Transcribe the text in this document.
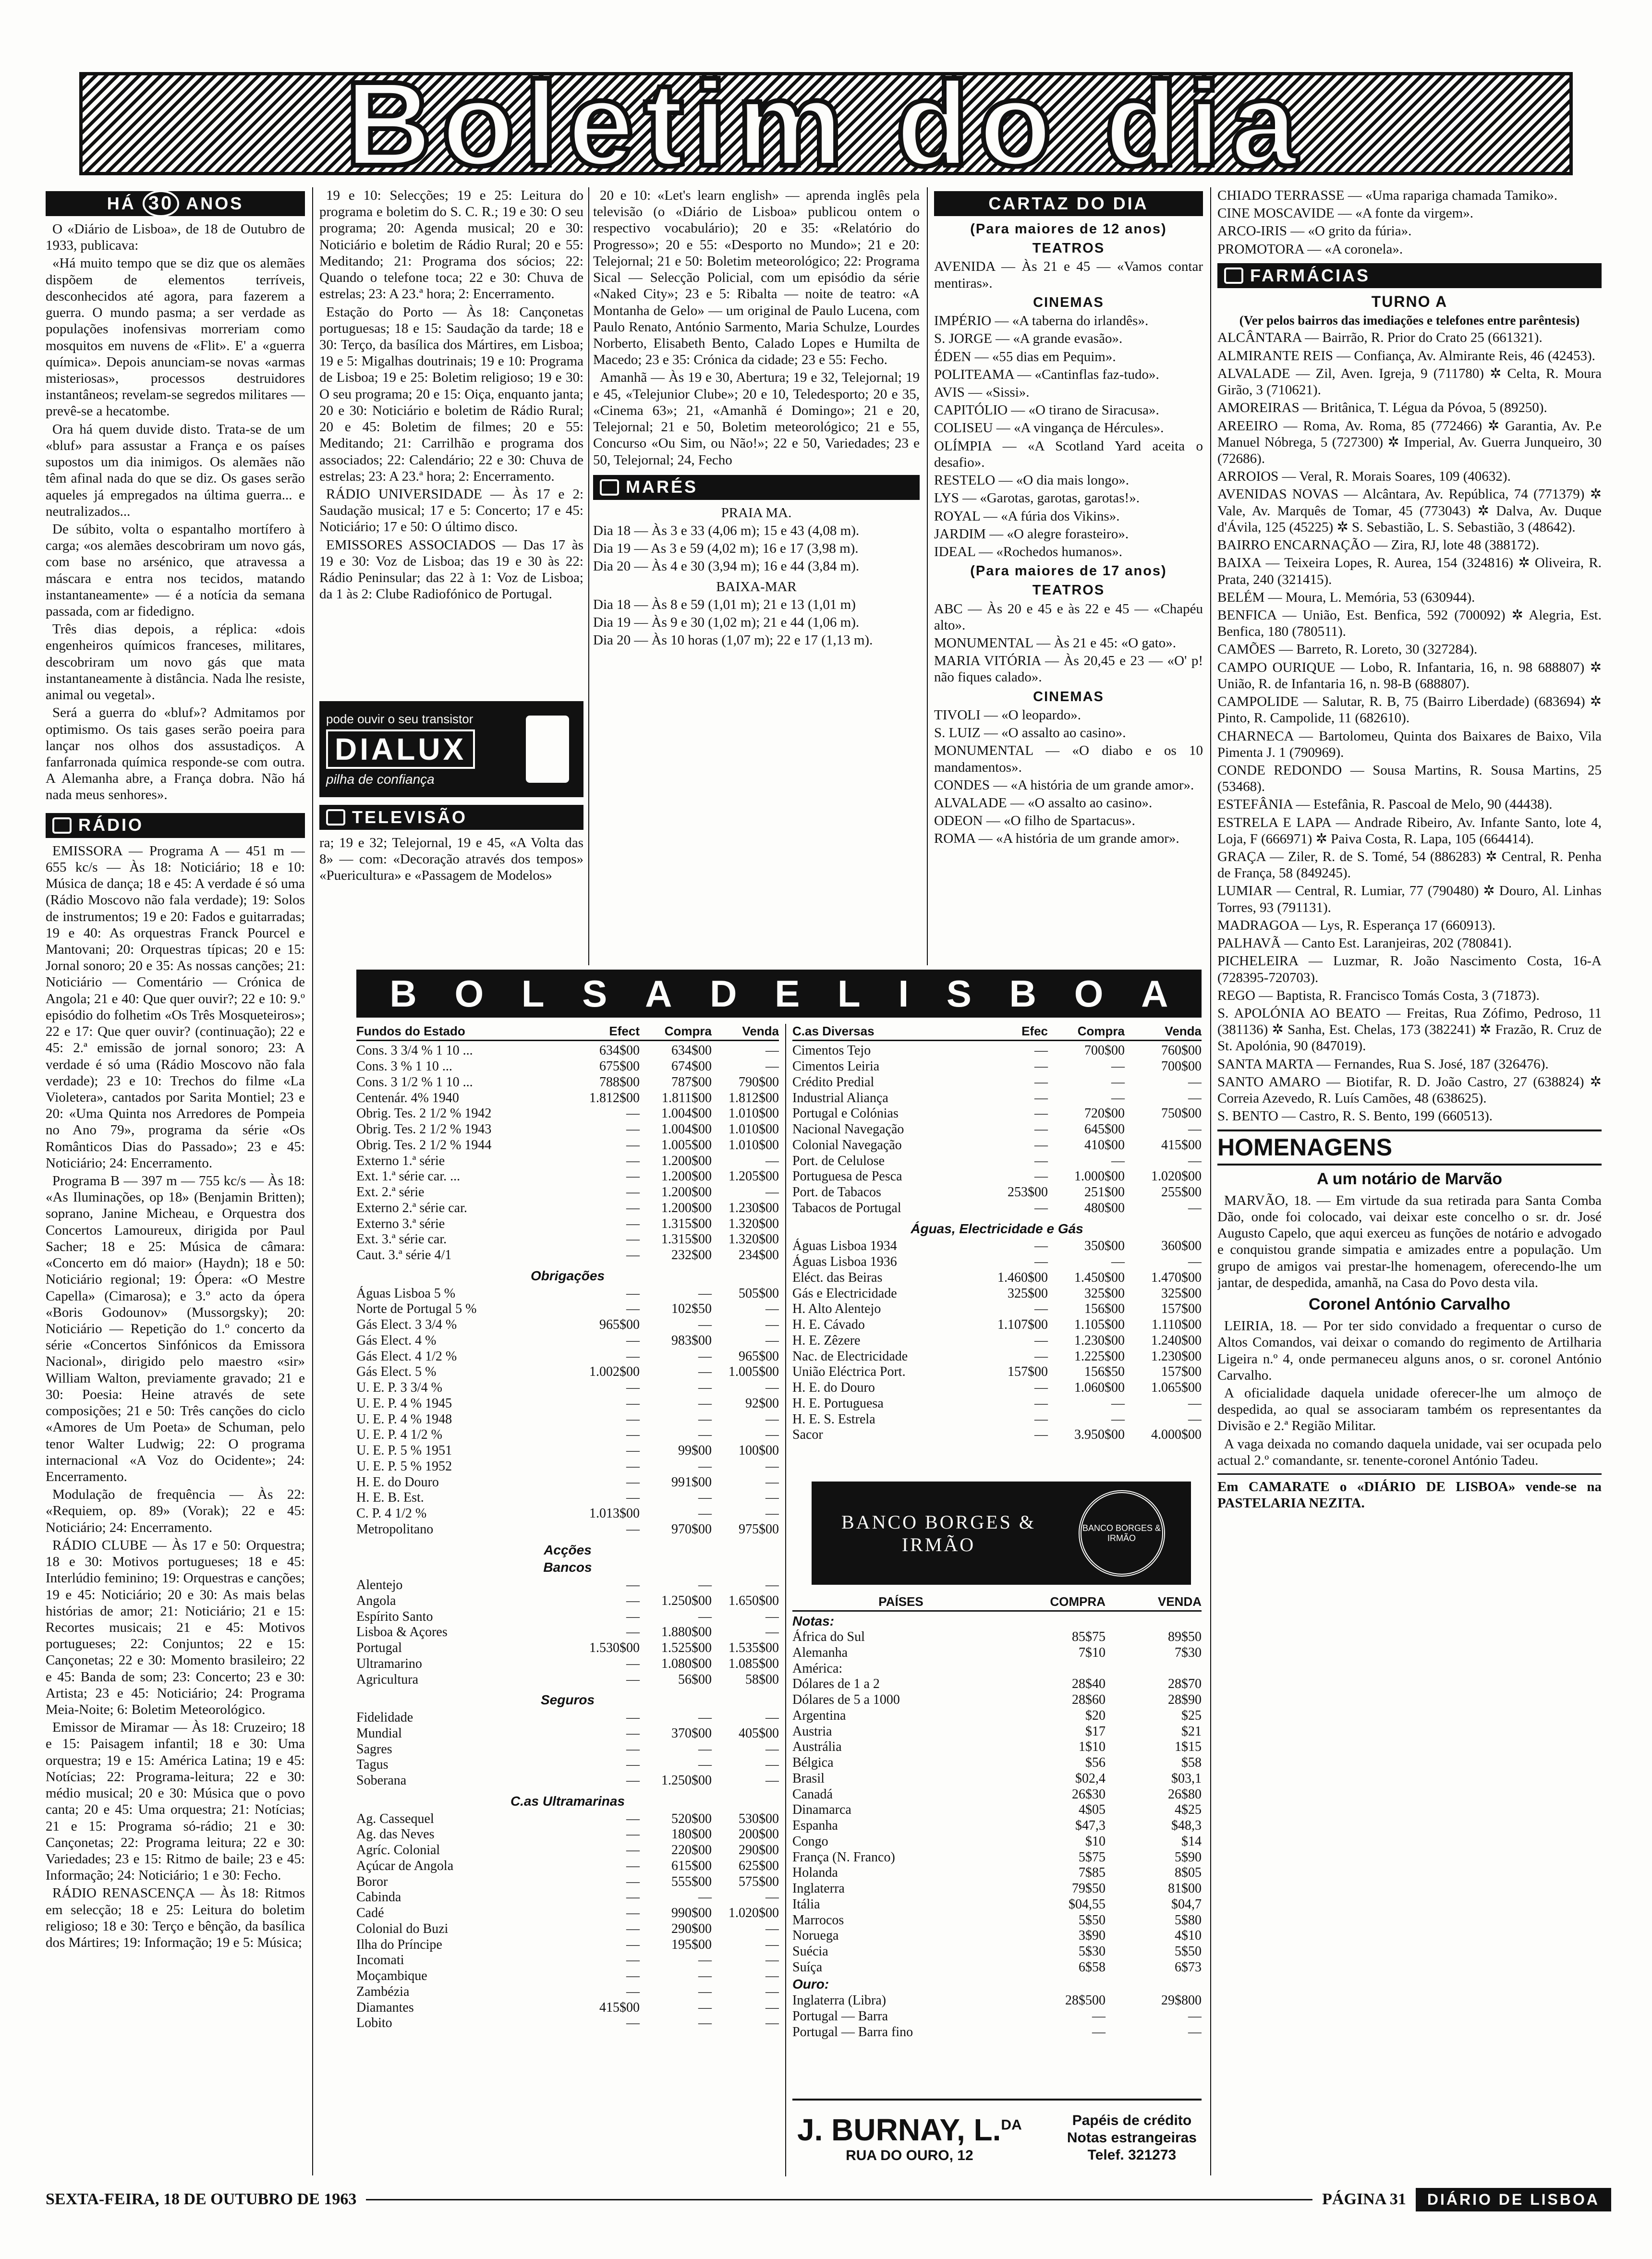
Boletim do dia
HÁ 30 ANOS

O «Diário de Lisboa», de 18 de Outubro de 1933, publicava:

«Há muito tempo que se diz que os alemães dispõem de elementos terríveis, desconhecidos até agora, para fazerem a guerra. O mundo pasma; a ser verdade as populações inofensivas morreriam como mosquitos em nuvens de «Flit». E' a «guerra química». Depois anunciam-se novas «armas misteriosas», processos destruidores instantâneos; revelam-se segredos militares — prevê-se a hecatombe.

Ora há quem duvide disto. Trata-se de um «bluf» para assustar a França e os países supostos um dia inimigos. Os alemães não têm afinal nada do que se diz. Os gases serão aqueles já empregados na última guerra... e neutralizados...

De súbito, volta o espantalho mortífero à carga; «os alemães descobriram um novo gás, com base no arsénico, que atravessa a máscara e entra nos tecidos, matando instantaneamente» — é a notícia da semana passada, com ar fidedigno.

Três dias depois, a réplica: «dois engenheiros químicos franceses, militares, descobriram um novo gás que mata instantaneamente à distância. Nada lhe resiste, animal ou vegetal».

Será a guerra do «bluf»? Admitamos por optimismo. Os tais gases serão poeira para lançar nos olhos dos assustadiços. A fanfarronada química responde-se com outra. A Alemanha abre, a França dobra. Não há nada meus senhores».

RÁDIO

EMISSORA — Programa A — 451 m — 655 kc/s — Às 18: Noticiário; 18 e 10: Música de dança; 18 e 45: A verdade é só uma (Rádio Moscovo não fala verdade); 19: Solos de instrumentos; 19 e 20: Fados e guitarradas; 19 e 40: As orquestras Franck Pourcel e Mantovani; 20: Orquestras típicas; 20 e 15: Jornal sonoro; 20 e 35: As nossas canções; 21: Noticiário — Comentário — Crónica de Angola; 21 e 40: Que quer ouvir?; 22 e 10: 9.º episódio do folhetim «Os Três Mosqueteiros»; 22 e 17: Que quer ouvir? (continuação); 22 e 45: 2.ª emissão de jornal sonoro; 23: A verdade é só uma (Rádio Moscovo não fala verdade); 23 e 10: Trechos do filme «La Violetera», cantados por Sarita Montiel; 23 e 20: «Uma Quinta nos Arredores de Pompeia no Ano 79», programa da série «Os Românticos Dias do Passado»; 23 e 45: Noticiário; 24: Encerramento.

Programa B — 397 m — 755 kc/s — Às 18: «As Iluminações, op 18» (Benjamin Britten); soprano, Janine Micheau, e Orquestra dos Concertos Lamoureux, dirigida por Paul Sacher; 18 e 25: Música de câmara: «Concerto em dó maior» (Haydn); 18 e 50: Noticiário regional; 19: Ópera: «O Mestre Capella» (Cimarosa); e 3.º acto da ópera «Boris Godounov» (Mussorgsky); 20: Noticiário — Repetição do 1.º concerto da série «Concertos Sinfónicos da Emissora Nacional», dirigido pelo maestro «sir» William Walton, previamente gravado; 21 e 30: Poesia: Heine através de sete composições; 21 e 50: Três canções do ciclo «Amores de Um Poeta» de Schuman, pelo tenor Walter Ludwig; 22: O programa internacional «A Voz do Ocidente»; 24: Encerramento.

Modulação de frequência — Às 22: «Requiem, op. 89» (Vorak); 22 e 45: Noticiário; 24: Encerramento.

RÁDIO CLUBE — Às 17 e 50: Orquestra; 18 e 30: Motivos portugueses; 18 e 45: Interlúdio feminino; 19: Orquestras e canções; 19 e 45: Noticiário; 20 e 30: As mais belas histórias de amor; 21: Noticiário; 21 e 15: Recortes musicais; 21 e 45: Motivos portugueses; 22: Conjuntos; 22 e 15: Cançonetas; 22 e 30: Momento brasileiro; 22 e 45: Banda de som; 23: Concerto; 23 e 30: Artista; 23 e 45: Noticiário; 24: Programa Meia-Noite; 6: Boletim Meteorológico.

Emissor de Miramar — Às 18: Cruzeiro; 18 e 15: Paisagem infantil; 18 e 30: Uma orquestra; 19 e 15: América Latina; 19 e 45: Notícias; 22: Programa-leitura; 22 e 30: médio musical; 20 e 30: Música que o povo canta; 20 e 45: Uma orquestra; 21: Notícias; 21 e 15: Programa só-rádio; 21 e 30: Cançonetas; 22: Programa leitura; 22 e 30: Variedades; 23 e 15: Ritmo de baile; 23 e 45: Informação; 24: Noticiário; 1 e 30: Fecho.

RÁDIO RENASCENÇA — Às 18: Ritmos em selecção; 18 e 25: Leitura do boletim religioso; 18 e 30: Terço e bênção, da basílica dos Mártires; 19: Informação; 19 e 5: Música;

19 e 10: Selecções; 19 e 25: Leitura do programa e boletim do S. C. R.; 19 e 30: O seu programa; 20: Agenda musical; 20 e 30: Noticiário e boletim de Rádio Rural; 20 e 55: Meditando; 21: Programa dos sócios; 22: Quando o telefone toca; 22 e 30: Chuva de estrelas; 23: A 23.ª hora; 2: Encerramento.

Estação do Porto — Às 18: Cançonetas portuguesas; 18 e 15: Saudação da tarde; 18 e 30: Terço, da basílica dos Mártires, em Lisboa; 19 e 5: Migalhas doutrinais; 19 e 10: Programa de Lisboa; 19 e 25: Boletim religioso; 19 e 30: O seu programa; 20 e 15: Oiça, enquanto janta; 20 e 30: Noticiário e boletim de Rádio Rural; 20 e 45: Boletim de filmes; 20 e 55: Meditando; 21: Carrilhão e programa dos associados; 22: Calendário; 22 e 30: Chuva de estrelas; 23: A 23.ª hora; 2: Encerramento.

RÁDIO UNIVERSIDADE — Às 17 e 2: Saudação musical; 17 e 5: Concerto; 17 e 45: Noticiário; 17 e 50: O último disco.

EMISSORES ASSOCIADOS — Das 17 às 19 e 30: Voz de Lisboa; das 19 e 30 às 22: Rádio Peninsular; das 22 à 1: Voz de Lisboa; da 1 às 2: Clube Radiofónico de Portugal.

pode ouvir o seu transistor
DIALUX
pilha de confiança
TELEVISÃO

ra; 19 e 32; Telejornal, 19 e 45, «A Volta das 8» — com: «Decoração através dos tempos» «Puericultura» e «Passagem de Modelos»

20 e 10: «Let's learn english» — aprenda inglês pela televisão (o «Diário de Lisboa» publicou ontem o respectivo vocabulário); 20 e 35: «Relatório do Progresso»; 20 e 55: «Desporto no Mundo»; 21 e 20: Telejornal; 21 e 50: Boletim meteorológico; 22: Programa Sical — Selecção Policial, com um episódio da série «Naked City»; 23 e 5: Ribalta — noite de teatro: «A Montanha de Gelo» — um original de Paulo Lucena, com Paulo Renato, António Sarmento, Maria Schulze, Lourdes Norberto, Elisabeth Bento, Calado Lopes e Humilta de Macedo; 23 e 35: Crónica da cidade; 23 e 55: Fecho.

Amanhã — Às 19 e 30, Abertura; 19 e 32, Telejornal; 19 e 45, «Telejunior Clube»; 20 e 10, Teledesporto; 20 e 35, «Cinema 63»; 21, «Amanhã é Domingo»; 21 e 20, Telejornal; 21 e 50, Boletim meteorológico; 21 e 55, Concurso «Ou Sim, ou Não!»; 22 e 50, Variedades; 23 e 50, Telejornal; 24, Fecho

MARÉS

PRAIA MA.

Dia 18 — Às 3 e 33 (4,06 m); 15 e 43 (4,08 m).

Dia 19 — As 3 e 59 (4,02 m); 16 e 17 (3,98 m).

Dia 20 — Às 4 e 30 (3,94 m); 16 e 44 (3,84 m).

BAIXA-MAR

Dia 18 — Às 8 e 59 (1,01 m); 21 e 13 (1,01 m)

Dia 19 — Às 9 e 30 (1,02 m); 21 e 44 (1,06 m).

Dia 20 — Às 10 horas (1,07 m); 22 e 17 (1,13 m).

CARTAZ DO DIA
(Para maiores de 12 anos)
TEATROS

AVENIDA — Às 21 e 45 — «Vamos contar mentiras».

CINEMAS

IMPÉRIO — «A taberna do irlandês».

S. JORGE — «A grande evasão».

ÉDEN — «55 dias em Pequim».

POLITEAMA — «Cantinflas faz-tudo».

AVIS — «Sissi».

CAPITÓLIO — «O tirano de Siracusa».

COLISEU — «A vingança de Hércules».

OLÍMPIA — «A Scotland Yard aceita o desafio».

RESTELO — «O dia mais longo».

LYS — «Garotas, garotas, garotas!».

ROYAL — «A fúria dos Vikins».

JARDIM — «O alegre forasteiro».

IDEAL — «Rochedos humanos».

(Para maiores de 17 anos)
TEATROS

ABC — Às 20 e 45 e às 22 e 45 — «Chapéu alto».

MONUMENTAL — Às 21 e 45: «O gato».

MARIA VITÓRIA — Às 20,45 e 23 — «O' p! não fiques calado».

CINEMAS

TIVOLI — «O leopardo».

S. LUIZ — «O assalto ao casino».

MONUMENTAL — «O diabo e os 10 mandamentos».

CONDES — «A história de um grande amor».

ALVALADE — «O assalto ao casino».

ODEON — «O filho de Spartacus».

ROMA — «A história de um grande amor».

CHIADO TERRASSE — «Uma rapariga chamada Tamiko».

CINE MOSCAVIDE — «A fonte da virgem».

ARCO-IRIS — «O grito da fúria».

PROMOTORA — «A coronela».

FARMÁCIAS
TURNO A

(Ver pelos bairros das imediações e telefones entre parêntesis)

ALCÂNTARA — Bairrão, R. Prior do Crato 25 (661321).

ALMIRANTE REIS — Confiança, Av. Almirante Reis, 46 (42453).

ALVALADE — Zil, Aven. Igreja, 9 (711780) ✲ Celta, R. Moura Girão, 3 (710621).

AMOREIRAS — Britânica, T. Légua da Póvoa, 5 (89250).

AREEIRO — Roma, Av. Roma, 85 (772466) ✲ Garantia, Av. P.e Manuel Nóbrega, 5 (727300) ✲ Imperial, Av. Guerra Junqueiro, 30 (72686).

ARROIOS — Veral, R. Morais Soares, 109 (40632).

AVENIDAS NOVAS — Alcântara, Av. República, 74 (771379) ✲ Vale, Av. Marquês de Tomar, 45 (773043) ✲ Dalva, Av. Duque d'Ávila, 125 (45225) ✲ S. Sebastião, L. S. Sebastião, 3 (48642).

BAIRRO ENCARNAÇÃO — Zira, RJ, lote 48 (388172).

BAIXA — Teixeira Lopes, R. Aurea, 154 (324816) ✲ Oliveira, R. Prata, 240 (321415).

BELÉM — Moura, L. Memória, 53 (630944).

BENFICA — União, Est. Benfica, 592 (700092) ✲ Alegria, Est. Benfica, 180 (780511).

CAMÕES — Barreto, R. Loreto, 30 (327284).

CAMPO OURIQUE — Lobo, R. Infantaria, 16, n. 98 688807) ✲ União, R. de Infantaria 16, n. 98-B (688807).

CAMPOLIDE — Salutar, R. B, 75 (Bairro Liberdade) (683694) ✲ Pinto, R. Campolide, 11 (682610).

CHARNECA — Bartolomeu, Quinta dos Baixares de Baixo, Vila Pimenta J. 1 (790969).

CONDE REDONDO — Sousa Martins, R. Sousa Martins, 25 (53468).

ESTEFÂNIA — Estefânia, R. Pascoal de Melo, 90 (44438).

ESTRELA E LAPA — Andrade Ribeiro, Av. Infante Santo, lote 4, Loja, F (666971) ✲ Paiva Costa, R. Lapa, 105 (664414).

GRAÇA — Ziler, R. de S. Tomé, 54 (886283) ✲ Central, R. Penha de França, 58 (849245).

LUMIAR — Central, R. Lumiar, 77 (790480) ✲ Douro, Al. Linhas Torres, 93 (791131).

MADRAGOA — Lys, R. Esperança 17 (660913).

PALHAVÃ — Canto Est. Laranjeiras, 202 (780841).

PICHELEIRA — Luzmar, R. João Nascimento Costa, 16-A (728395-720703).

REGO — Baptista, R. Francisco Tomás Costa, 3 (71873).

S. APOLÓNIA AO BEATO — Freitas, Rua Zófimo, Pedroso, 11 (381136) ✲ Sanha, Est. Chelas, 173 (382241) ✲ Frazão, R. Cruz de St. Apolónia, 90 (847019).

SANTA MARTA — Fernandes, Rua S. José, 187 (326476).

SANTO AMARO — Biotifar, R. D. João Castro, 27 (638824) ✲ Correia Azevedo, R. Luís Camões, 48 (638625).

S. BENTO — Castro, R. S. Bento, 199 (660513).

HOMENAGENS
A um notário de Marvão

MARVÃO, 18. — Em virtude da sua retirada para Santa Comba Dão, onde foi colocado, vai deixar este concelho o sr. dr. José Augusto Capelo, que aqui exerceu as funções de notário e advogado e conquistou grande simpatia e amizades entre a população. Um grupo de amigos vai prestar-lhe homenagem, oferecendo-lhe um jantar, de despedida, amanhã, na Casa do Povo desta vila.

Coronel António Carvalho

LEIRIA, 18. — Por ter sido convidado a frequentar o curso de Altos Comandos, vai deixar o comando do regimento de Artilharia Ligeira n.º 4, onde permaneceu alguns anos, o sr. coronel António Carvalho.

A oficialidade daquela unidade oferecer-lhe um almoço de despedida, ao qual se associaram também os representantes da Divisão e 2.ª Região Militar.

A vaga deixada no comando daquela unidade, vai ser ocupada pelo actual 2.º comandante, sr. tenente-coronel António Tadeu.

Em CAMARATE o «DIÁRIO DE LISBOA» vende-se na PASTELARIA NEZITA.

B O L S A D E L I S B O A
Fundos do Estado	Efect	Compra	Venda
Cons. 3 3/4 % 1 10 ...	634$00	634$00	—
Cons. 3 % 1 10 ...	675$00	674$00	—
Cons. 3 1/2 % 1 10 ...	788$00	787$00	790$00
Centenár. 4% 1940	1.812$00	1.811$00	1.812$00
Obrig. Tes. 2 1/2 % 1942	—	1.004$00	1.010$00
Obrig. Tes. 2 1/2 % 1943	—	1.004$00	1.010$00
Obrig. Tes. 2 1/2 % 1944	—	1.005$00	1.010$00
Externo 1.ª série	—	1.200$00	—
Ext. 1.ª série car. ...	—	1.200$00	1.205$00
Ext. 2.ª série	—	1.200$00	—
Externo 2.ª série car.	—	1.200$00	1.230$00
Externo 3.ª série	—	1.315$00	1.320$00
Ext. 3.ª série car.	—	1.315$00	1.320$00
Caut. 3.ª série 4/1	—	232$00	234$00
Obrigações
Águas Lisboa 5 %	—	—	505$00
Norte de Portugal 5 %	—	102$50	—
Gás Elect. 3 3/4 %	965$00	—	—
Gás Elect. 4 %	—	983$00	—
Gás Elect. 4 1/2 %	—	—	965$00
Gás Elect. 5 %	1.002$00	—	1.005$00
U. E. P. 3 3/4 %	—	—	—
U. E. P. 4 % 1945	—	—	92$00
U. E. P. 4 % 1948	—	—	—
U. E. P. 4 1/2 %	—	—	—
U. E. P. 5 % 1951	—	99$00	100$00
U. E. P. 5 % 1952	—	—	—
H. E. do Douro	—	991$00	—
H. E. B. Est.	—	—	—
C. P. 4 1/2 %	1.013$00	—	—
Metropolitano	—	970$00	975$00
Acções
Bancos
Alentejo	—	—	—
Angola	—	1.250$00	1.650$00
Espírito Santo	—	—	—
Lisboa & Açores	—	1.880$00	—
Portugal	1.530$00	1.525$00	1.535$00
Ultramarino	—	1.080$00	1.085$00
Agricultura	—	56$00	58$00
Seguros
Fidelidade	—	—	—
Mundial	—	370$00	405$00
Sagres	—	—	—
Tagus	—	—	—
Soberana	—	1.250$00	—
C.as Ultramarinas
Ag. Cassequel	—	520$00	530$00
Ag. das Neves	—	180$00	200$00
Agríc. Colonial	—	220$00	290$00
Açúcar de Angola	—	615$00	625$00
Boror	—	555$00	575$00
Cabinda	—	—	—
Cadé	—	990$00	1.020$00
Colonial do Buzi	—	290$00	—
Ilha do Príncipe	—	195$00	—
Incomati	—	—	—
Moçambique	—	—	—
Zambézia	—	—	—
Diamantes	415$00	—	—
Lobito	—	—	—
C.as Diversas	Efec	Compra	Venda
Cimentos Tejo	—	700$00	760$00
Cimentos Leiria	—	—	700$00
Crédito Predial	—	—	—
Industrial Aliança	—	—	—
Portugal e Colónias	—	720$00	750$00
Nacional Navegação	—	645$00	—
Colonial Navegação	—	410$00	415$00
Port. de Celulose	—	—	—
Portuguesa de Pesca	—	1.000$00	1.020$00
Port. de Tabacos	253$00	251$00	255$00
Tabacos de Portugal	—	480$00	—
Águas, Electricidade e Gás
Águas Lisboa 1934	—	350$00	360$00
Águas Lisboa 1936	—	—	—
Eléct. das Beiras	1.460$00	1.450$00	1.470$00
Gás e Electricidade	325$00	325$00	325$00
H. Alto Alentejo	—	156$00	157$00
H. E. Cávado	1.107$00	1.105$00	1.110$00
H. E. Zêzere	—	1.230$00	1.240$00
Nac. de Electricidade	—	1.225$00	1.230$00
União Eléctrica Port.	157$00	156$50	157$00
H. E. do Douro	—	1.060$00	1.065$00
H. E. Portuguesa	—	—	—
H. E. S. Estrela	—	—	—
Sacor	—	3.950$00	4.000$00
BANCO BORGES & IRMÃO
BANCO BORGES & IRMÃO
PAÍSES	COMPRA	VENDA
Notas:
África do Sul	85$75	89$50
Alemanha	7$10	7$30
América:
Dólares de 1 a 2	28$40	28$70
Dólares de 5 a 1000	28$60	28$90
Argentina	$20	$25
Austria	$17	$21
Austrália	1$10	1$15
Bélgica	$56	$58
Brasil	$02,4	$03,1
Canadá	26$30	26$80
Dinamarca	4$05	4$25
Espanha	$47,3	$48,3
Congo	$10	$14
França (N. Franco)	5$75	5$90
Holanda	7$85	8$05
Inglaterra	79$50	81$00
Itália	$04,55	$04,7
Marrocos	5$50	5$80
Noruega	3$90	4$10
Suécia	5$30	5$50
Suíça	6$58	6$73
Ouro:
Inglaterra (Libra)	28$500	29$800
Portugal — Barra	—	—
Portugal — Barra fino	—	—
J. BURNAY, L.$^{DA}$
RUA DO OURO, 12
Papéis de crédito
Notas estrangeiras
Telef. 321273
SEXTA-FEIRA, 18 DE OUTUBRO DE 1963	PÁGINA 31	DIÁRIO DE LISBOA
